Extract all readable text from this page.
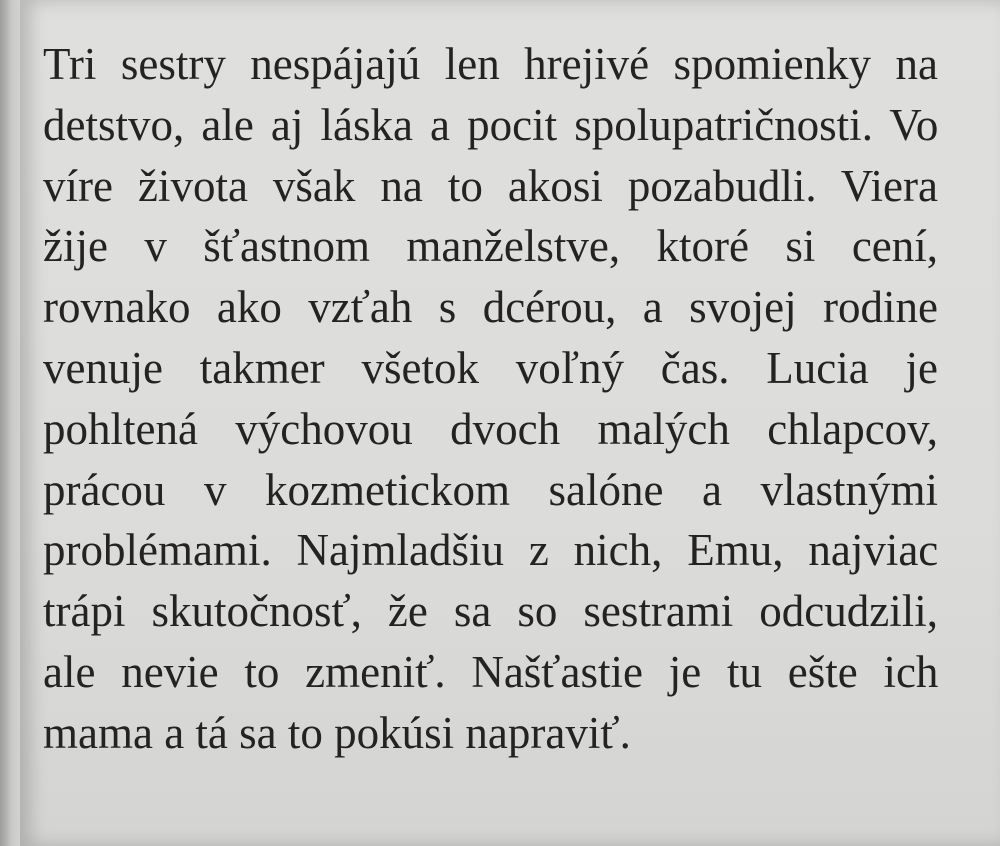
Tri sestry nespájajú len hrejivé spomienky na
detstvo, ale aj láska a pocit spolupatričnosti. Vo
víre života však na to akosi pozabudli. Viera
žije v šťastnom manželstve, ktoré si cení,
rovnako ako vzťah s dcérou, a svojej rodine
venuje takmer všetok voľný čas. Lucia je
pohltená výchovou dvoch malých chlapcov,
prácou v kozmetickom salóne a vlastnými
problémami. Najmladšiu z nich, Emu, najviac
trápi skutočnosť, že sa so sestrami odcudzili,
ale nevie to zmeniť. Našťastie je tu ešte ich
mama a tá sa to pokúsi napraviť.
